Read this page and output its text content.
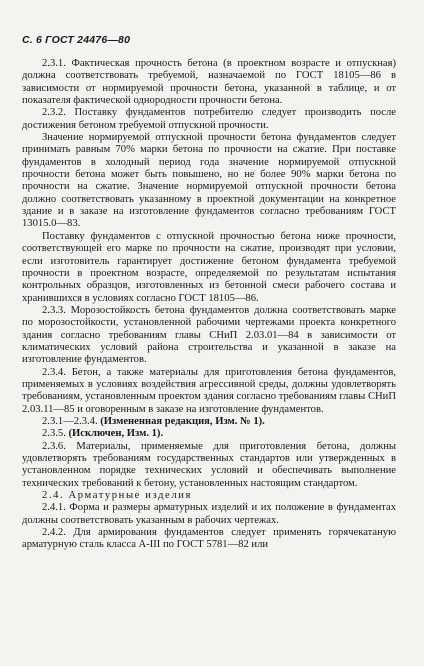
С. 6 ГОСТ 24476—80

2.3.1. Фактическая прочность бетона (в проектном возрасте и отпускная) должна соответствовать требуемой, назначаемой по ГОСТ 18105—86 в зависимости от нормируемой прочности бетона, указанной в таблице, и от показателя фактической однородности прочности бетона.

2.3.2. Поставку фундаментов потребителю следует производить после достижения бетоном требуемой отпускной прочности.

Значение нормируемой отпускной прочности бетона фундаментов следует принимать равным 70% марки бетона по прочности на сжатие. При поставке фундаментов в холодный период года значение нормируемой отпускной прочности бетона может быть повышено, но не более 90% марки бетона по прочности на сжатие. Значение нормируемой отпускной прочности бетона должно соответствовать указанному в проектной документации на конкретное здание и в заказе на изготовление фундаментов согласно требованиям ГОСТ 13015.0—83.

Поставку фундаментов с отпускной прочностью бетона ниже прочности, соответствующей его марке по прочности на сжатие, производят при условии, если изготовитель гарантирует достижение бетоном фундамента требуемой прочности в проектном возрасте, определяемой по результатам испытания контрольных образцов, изготовленных из бетонной смеси рабочего состава и хранившихся в условиях согласно ГОСТ 18105—86.

2.3.3. Морозостойкость бетона фундаментов должна соответствовать марке по морозостойкости, установленной рабочими чертежами проекта конкретного здания согласно требованиям главы СНиП 2.03.01—84 в зависимости от климатических условий района строительства и указанной в заказе на изготовление фундаментов.

2.3.4. Бетон, а также материалы для приготовления бетона фундаментов, применяемых в условиях воздействия агрессивной среды, должны удовлетворять требованиям, установленным проектом здания согласно требованиям главы СНиП 2.03.11—85 и оговоренным в заказе на изготовление фундаментов.

2.3.1—2.3.4. (Измененная редакция, Изм. № 1).

2.3.5. (Исключен, Изм. 1).

2.3.6. Материалы, применяемые для приготовления бетона, должны удовлетворять требованиям государственных стандартов или утвержденных в установленном порядке технических условий и обеспечивать выполнение технических требований к бетону, установленных настоящим стандартом.

2.4. Арматурные изделия

2.4.1. Форма и размеры арматурных изделий и их положение в фундаментах должны соответствовать указанным в рабочих чертежах.

2.4.2. Для армирования фундаментов следует применять горячекатаную арматурную сталь класса А-III по ГОСТ 5781—82 или
